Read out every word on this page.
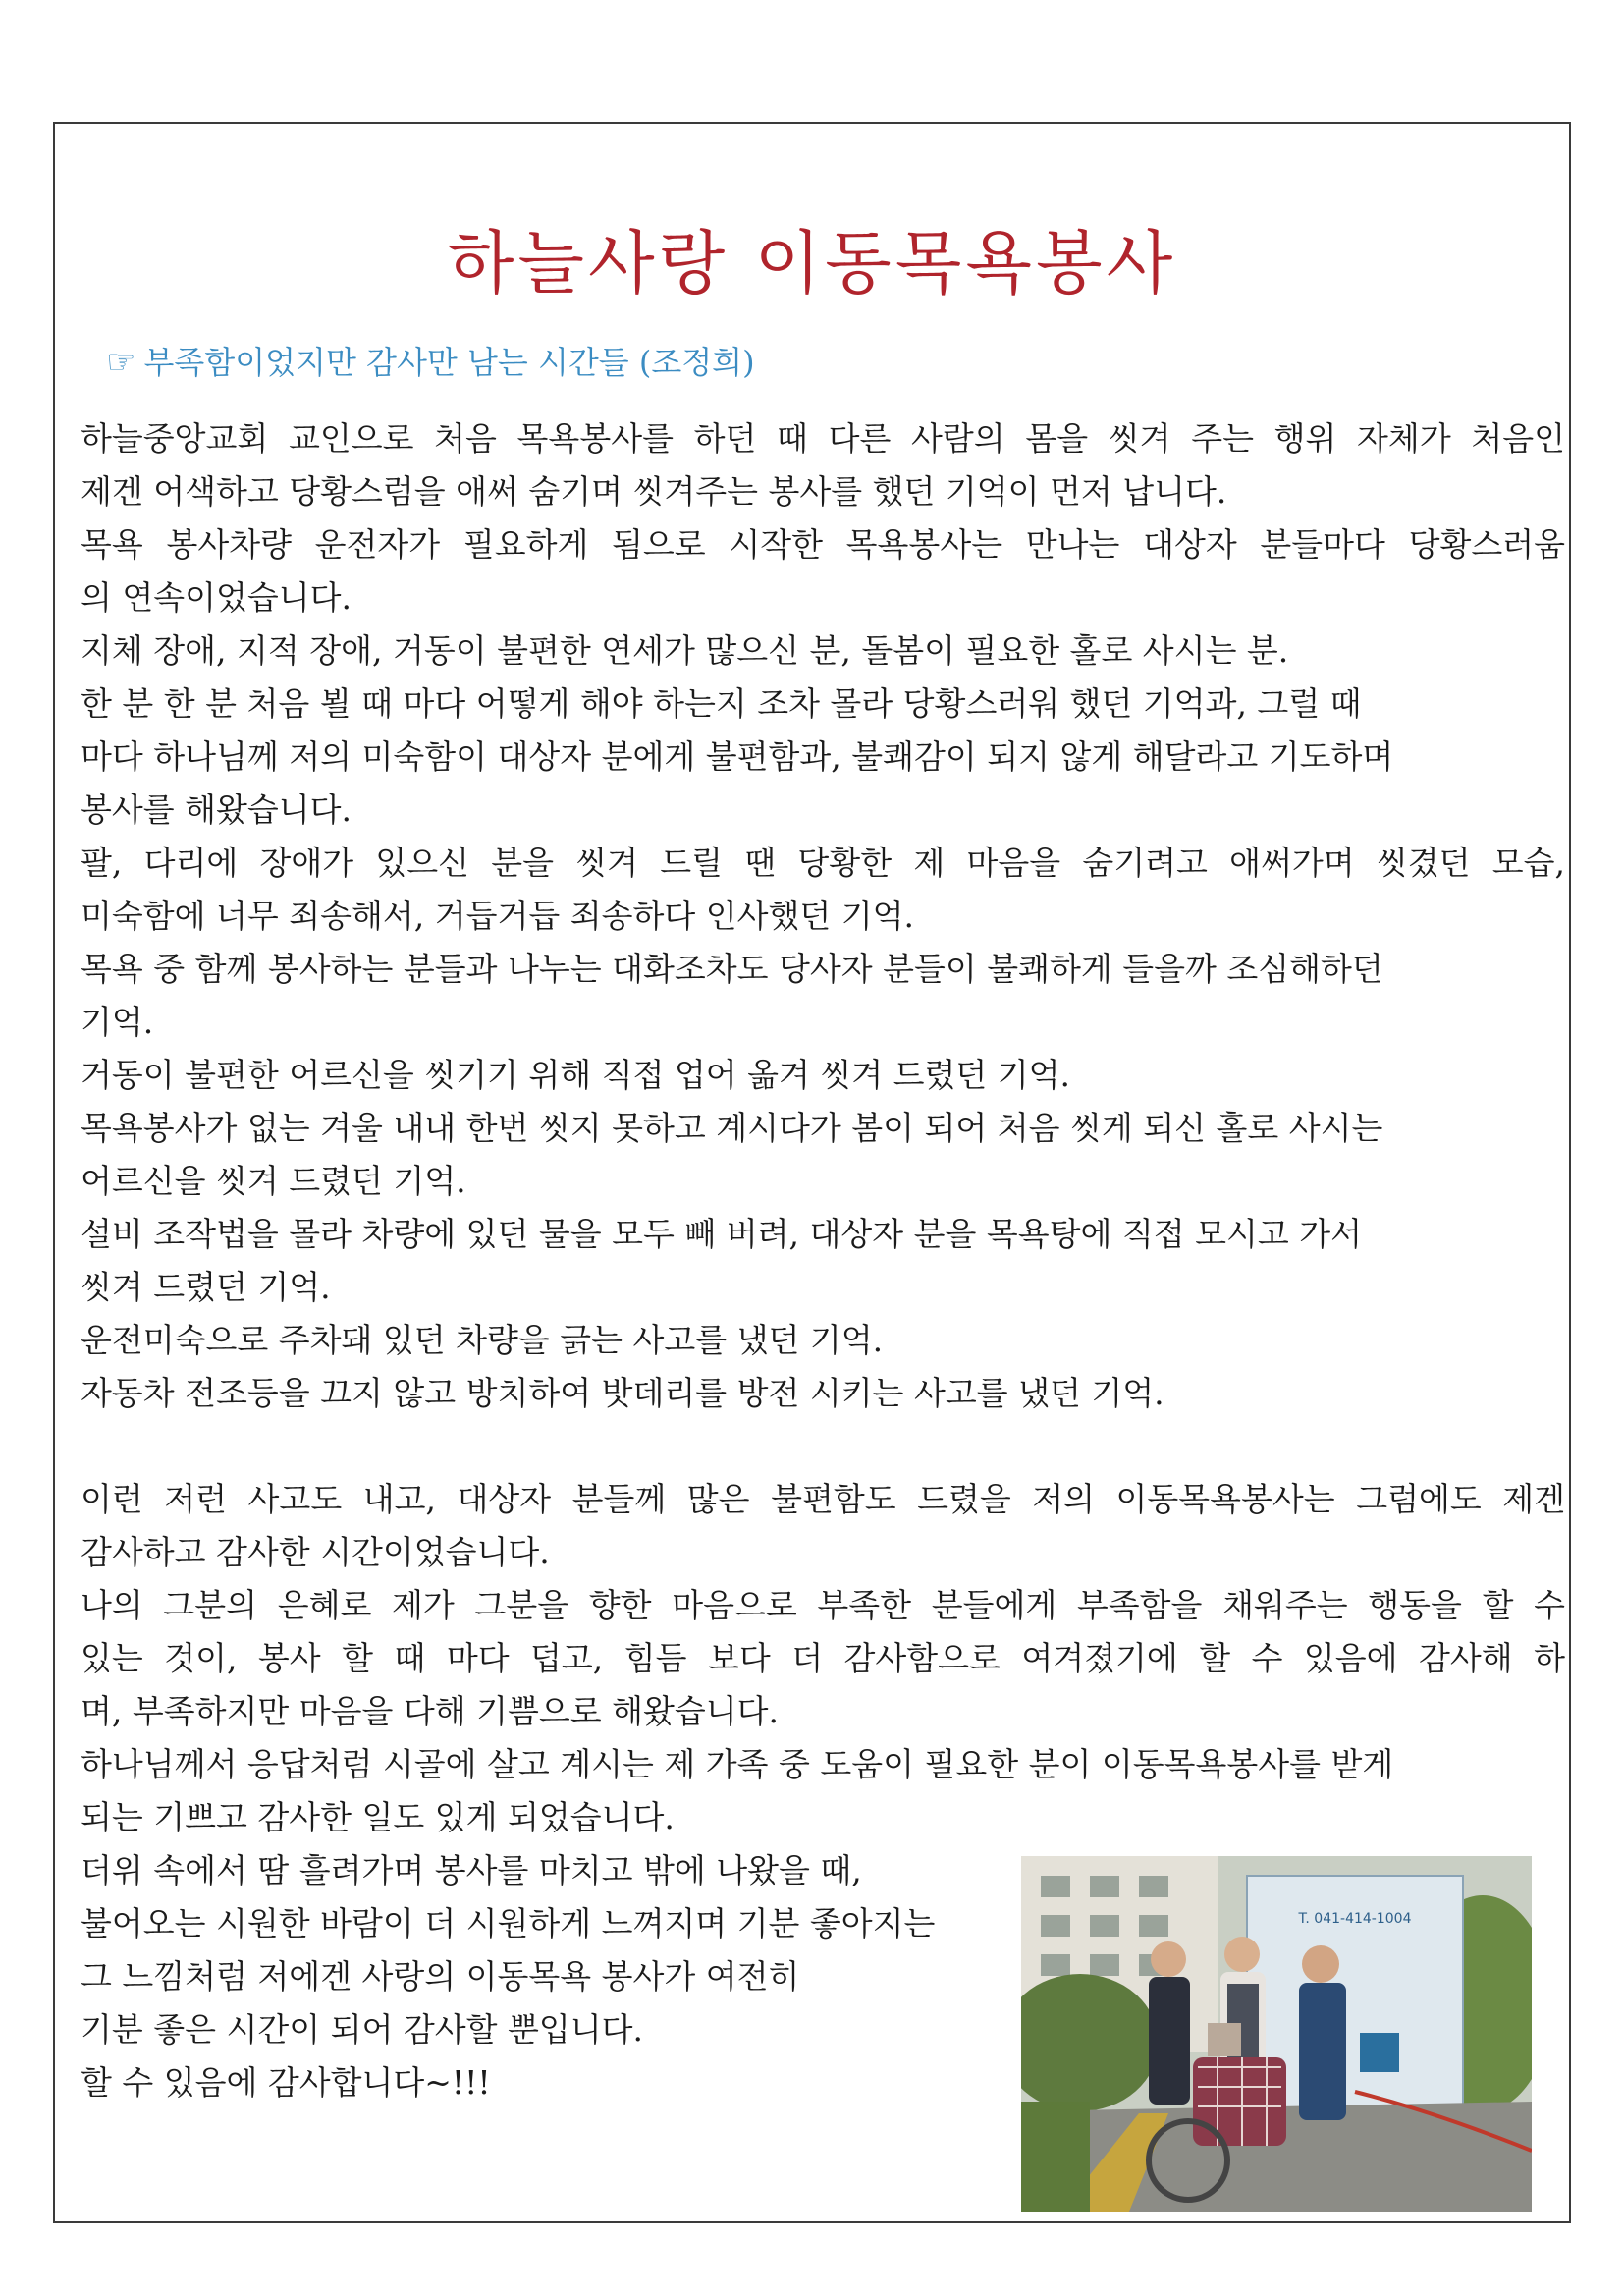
하늘사랑 이동목욕봉사
☞ 부족함이었지만 감사만 남는 시간들 (조정희)
하늘중앙교회 교인으로 처음 목욕봉사를 하던 때 다른 사람의 몸을 씻겨 주는 행위 자체가 처음인
제겐 어색하고 당황스럼을 애써 숨기며 씻겨주는 봉사를 했던 기억이 먼저 납니다.
목욕 봉사차량 운전자가 필요하게 됨으로 시작한 목욕봉사는 만나는 대상자 분들마다 당황스러움
의 연속이었습니다.
지체 장애, 지적 장애, 거동이 불편한 연세가 많으신 분, 돌봄이 필요한 홀로 사시는 분.
한 분 한 분 처음 뵐 때 마다 어떻게 해야 하는지 조차 몰라 당황스러워 했던 기억과, 그럴 때
마다 하나님께 저의 미숙함이 대상자 분에게 불편함과, 불쾌감이 되지 않게 해달라고 기도하며
봉사를 해왔습니다.
팔, 다리에 장애가 있으신 분을 씻겨 드릴 땐 당황한 제 마음을 숨기려고 애써가며 씻겼던 모습,
미숙함에 너무 죄송해서, 거듭거듭 죄송하다 인사했던 기억.
목욕 중 함께 봉사하는 분들과 나누는 대화조차도 당사자 분들이 불쾌하게 들을까 조심해하던
기억.
거동이 불편한 어르신을 씻기기 위해 직접 업어 옮겨 씻겨 드렸던 기억.
목욕봉사가 없는 겨울 내내 한번 씻지 못하고 계시다가 봄이 되어 처음 씻게 되신 홀로 사시는
어르신을 씻겨 드렸던 기억.
설비 조작법을 몰라 차량에 있던 물을 모두 빼 버려, 대상자 분을 목욕탕에 직접 모시고 가서
씻겨 드렸던 기억.
운전미숙으로 주차돼 있던 차량을 긁는 사고를 냈던 기억.
자동차 전조등을 끄지 않고 방치하여 밧데리를 방전 시키는 사고를 냈던 기억.
이런 저런 사고도 내고, 대상자 분들께 많은 불편함도 드렸을 저의 이동목욕봉사는 그럼에도 제겐
감사하고 감사한 시간이었습니다.
나의 그분의 은혜로 제가 그분을 향한 마음으로 부족한 분들에게 부족함을 채워주는 행동을 할 수
있는 것이, 봉사 할 때 마다 덥고, 힘듬 보다 더 감사함으로 여겨졌기에 할 수 있음에 감사해 하
며, 부족하지만 마음을 다해 기쁨으로 해왔습니다.
하나님께서 응답처럼 시골에 살고 계시는 제 가족 중 도움이 필요한 분이 이동목욕봉사를 받게
되는 기쁘고 감사한 일도 있게 되었습니다.
더위 속에서 땀 흘려가며 봉사를 마치고 밖에 나왔을 때,
불어오는 시원한 바람이 더 시원하게 느껴지며 기분 좋아지는
그 느낌처럼 저에겐 사랑의 이동목욕 봉사가 여전히
기분 좋은 시간이 되어 감사할 뿐입니다.
할 수 있음에 감사합니다~!!!
T. 041-414-1004
